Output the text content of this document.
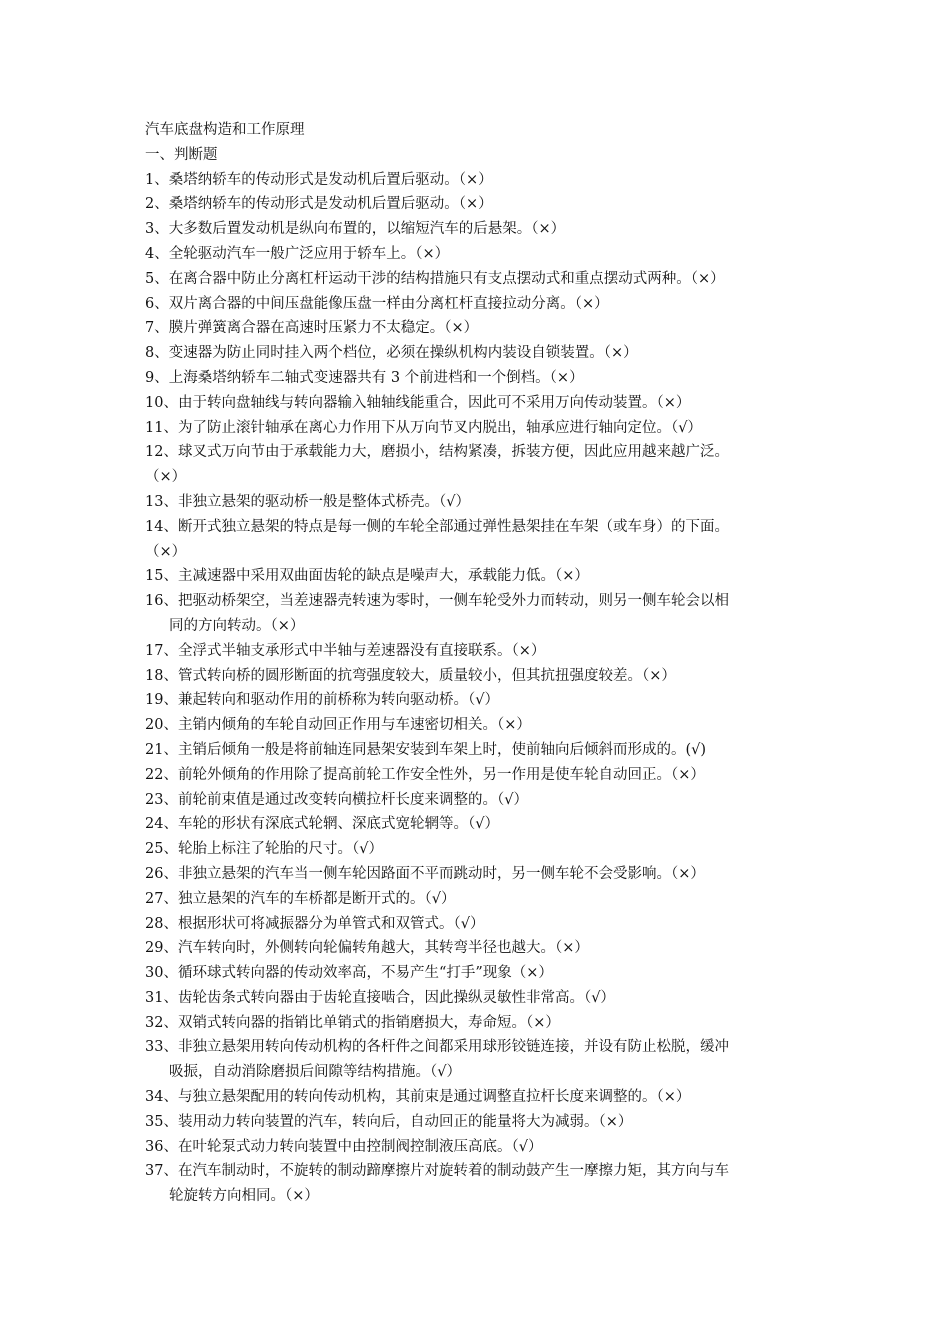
汽车底盘构造和工作原理
一、判断题
1、桑塔纳轿车的传动形式是发动机后置后驱动。（×）
2、桑塔纳轿车的传动形式是发动机后置后驱动。（×）
3、大多数后置发动机是纵向布置的，以缩短汽车的后悬架。（×）
4、全轮驱动汽车一般广泛应用于轿车上。（×）
5、在离合器中防止分离杠杆运动干涉的结构措施只有支点摆动式和重点摆动式两种。（×）
6、双片离合器的中间压盘能像压盘一样由分离杠杆直接拉动分离。（×）
7、膜片弹簧离合器在高速时压紧力不太稳定。（×）
8、变速器为防止同时挂入两个档位，必须在操纵机构内装设自锁装置。（×）
9、上海桑塔纳轿车二轴式变速器共有 3 个前进档和一个倒档。（×）
10、由于转向盘轴线与转向器输入轴轴线能重合，因此可不采用万向传动装置。（×）
11、为了防止滚针轴承在离心力作用下从万向节叉内脱出，轴承应进行轴向定位。（√）
12、球叉式万向节由于承载能力大，磨损小，结构紧凑，拆装方便，因此应用越来越广泛。
（×）
13、非独立悬架的驱动桥一般是整体式桥壳。（√）
14、断开式独立悬架的特点是每一侧的车轮全部通过弹性悬架挂在车架（或车身）的下面。
（×）
15、主减速器中采用双曲面齿轮的缺点是噪声大，承载能力低。（×）
16、把驱动桥架空，当差速器壳转速为零时，一侧车轮受外力而转动，则另一侧车轮会以相
同的方向转动。（×）
17、全浮式半轴支承形式中半轴与差速器没有直接联系。（×）
18、管式转向桥的圆形断面的抗弯强度较大，质量较小，但其抗扭强度较差。（×）
19、兼起转向和驱动作用的前桥称为转向驱动桥。（√）
20、主销内倾角的车轮自动回正作用与车速密切相关。（×）
21、主销后倾角一般是将前轴连同悬架安装到车架上时，使前轴向后倾斜而形成的。(√)
22、前轮外倾角的作用除了提高前轮工作安全性外，另一作用是使车轮自动回正。（×）
23、前轮前束值是通过改变转向横拉杆长度来调整的。（√）
24、车轮的形状有深底式轮辋、深底式宽轮辋等。（√）
25、轮胎上标注了轮胎的尺寸。（√）
26、非独立悬架的汽车当一侧车轮因路面不平而跳动时，另一侧车轮不会受影响。（×）
27、独立悬架的汽车的车桥都是断开式的。（√）
28、根据形状可将减振器分为单管式和双管式。（√）
29、汽车转向时，外侧转向轮偏转角越大，其转弯半径也越大。（×）
30、循环球式转向器的传动效率高，不易产生“打手”现象（×）
31、齿轮齿条式转向器由于齿轮直接啮合，因此操纵灵敏性非常高。（√）
32、双销式转向器的指销比单销式的指销磨损大，寿命短。（×）
33、非独立悬架用转向传动机构的各杆件之间都采用球形铰链连接，并设有防止松脱，缓冲
吸振，自动消除磨损后间隙等结构措施。（√）
34、与独立悬架配用的转向传动机构，其前束是通过调整直拉杆长度来调整的。（×）
35、装用动力转向装置的汽车，转向后，自动回正的能量将大为减弱。（×）
36、在叶轮泵式动力转向装置中由控制阀控制液压高底。（√）
37、在汽车制动时，不旋转的制动蹄摩擦片对旋转着的制动鼓产生一摩擦力矩，其方向与车
轮旋转方向相同。（×）
